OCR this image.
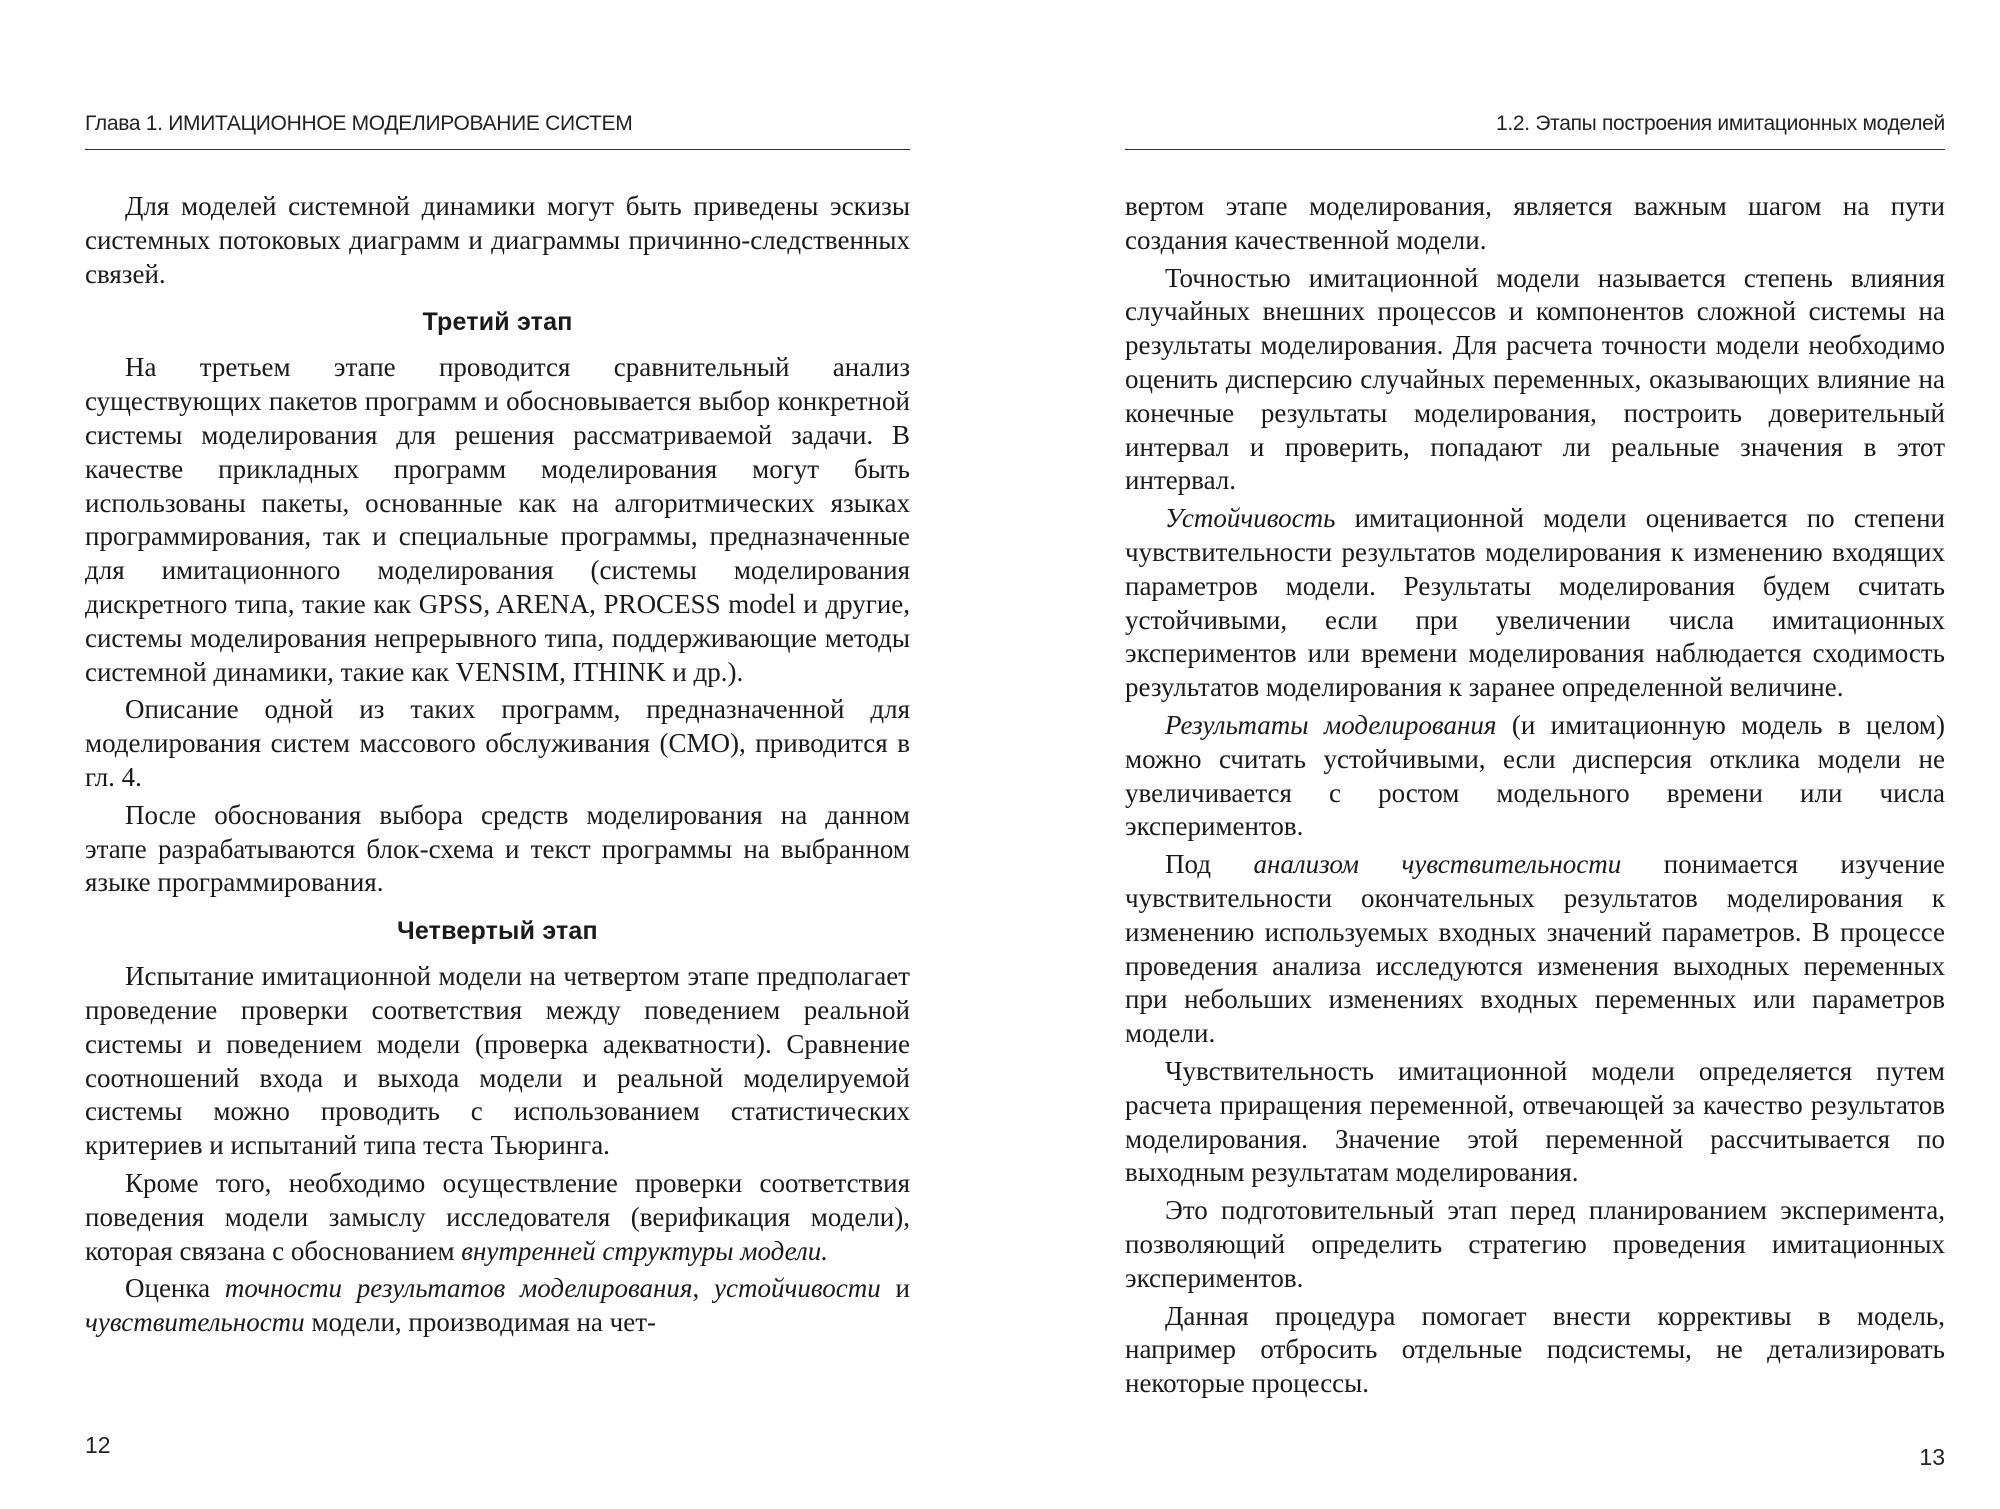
Глава 1. ИМИТАЦИОННОЕ МОДЕЛИРОВАНИЕ СИСТЕМ

Для моделей системной динамики могут быть приведены эскизы системных потоковых диаграмм и диаграммы причинно-следственных связей.

Третий этап

На третьем этапе проводится сравнительный анализ существующих пакетов программ и обосновывается выбор конкретной системы моделирования для решения рассматриваемой задачи. В качестве прикладных программ моделирования могут быть использованы пакеты, основанные как на алгоритмических языках программирования, так и специальные программы, предназначенные для имитационного моделирования (системы моделирования дискретного типа, такие как GPSS, ARENA, PROCESS model и другие, системы моделирования непрерывного типа, поддерживающие методы системной динамики, такие как VENSIM, ITHINK и др.).

Описание одной из таких программ, предназначенной для моделирования систем массового обслуживания (СМО), приводится в гл. 4.

После обоснования выбора средств моделирования на данном этапе разрабатываются блок-схема и текст программы на выбранном языке программирования.

Четвертый этап

Испытание имитационной модели на четвертом этапе предполагает проведение проверки соответствия между поведением реальной системы и поведением модели (проверка адекватности). Сравнение соотношений входа и выхода модели и реальной моделируемой системы можно проводить с использованием статистических критериев и испытаний типа теста Тьюринга.

Кроме того, необходимо осуществление проверки соответствия поведения модели замыслу исследователя (верификация модели), которая связана с обоснованием внутренней структуры модели.

Оценка точности результатов моделирования, устойчивости и чувствительности модели, производимая на чет-

12
1.2. Этапы построения имитационных моделей

вертом этапе моделирования, является важным шагом на пути создания качественной модели.

Точностью имитационной модели называется степень влияния случайных внешних процессов и компонентов сложной системы на результаты моделирования. Для расчета точности модели необходимо оценить дисперсию случайных переменных, оказывающих влияние на конечные результаты моделирования, построить доверительный интервал и проверить, попадают ли реальные значения в этот интервал.

Устойчивость имитационной модели оценивается по степени чувствительности результатов моделирования к изменению входящих параметров модели. Результаты моделирования будем считать устойчивыми, если при увеличении числа имитационных экспериментов или времени моделирования наблюдается сходимость результатов моделирования к заранее определенной величине.

Результаты моделирования (и имитационную модель в целом) можно считать устойчивыми, если дисперсия отклика модели не увеличивается с ростом модельного времени или числа экспериментов.

Под анализом чувствительности понимается изучение чувствительности окончательных результатов моделирования к изменению используемых входных значений параметров. В процессе проведения анализа исследуются изменения выходных переменных при небольших изменениях входных переменных или параметров модели.

Чувствительность имитационной модели определяется путем расчета приращения переменной, отвечающей за качество результатов моделирования. Значение этой переменной рассчитывается по выходным результатам моделирования.

Это подготовительный этап перед планированием эксперимента, позволяющий определить стратегию проведения имитационных экспериментов.

Данная процедура помогает внести коррективы в модель, например отбросить отдельные подсистемы, не детализировать некоторые процессы.

13
